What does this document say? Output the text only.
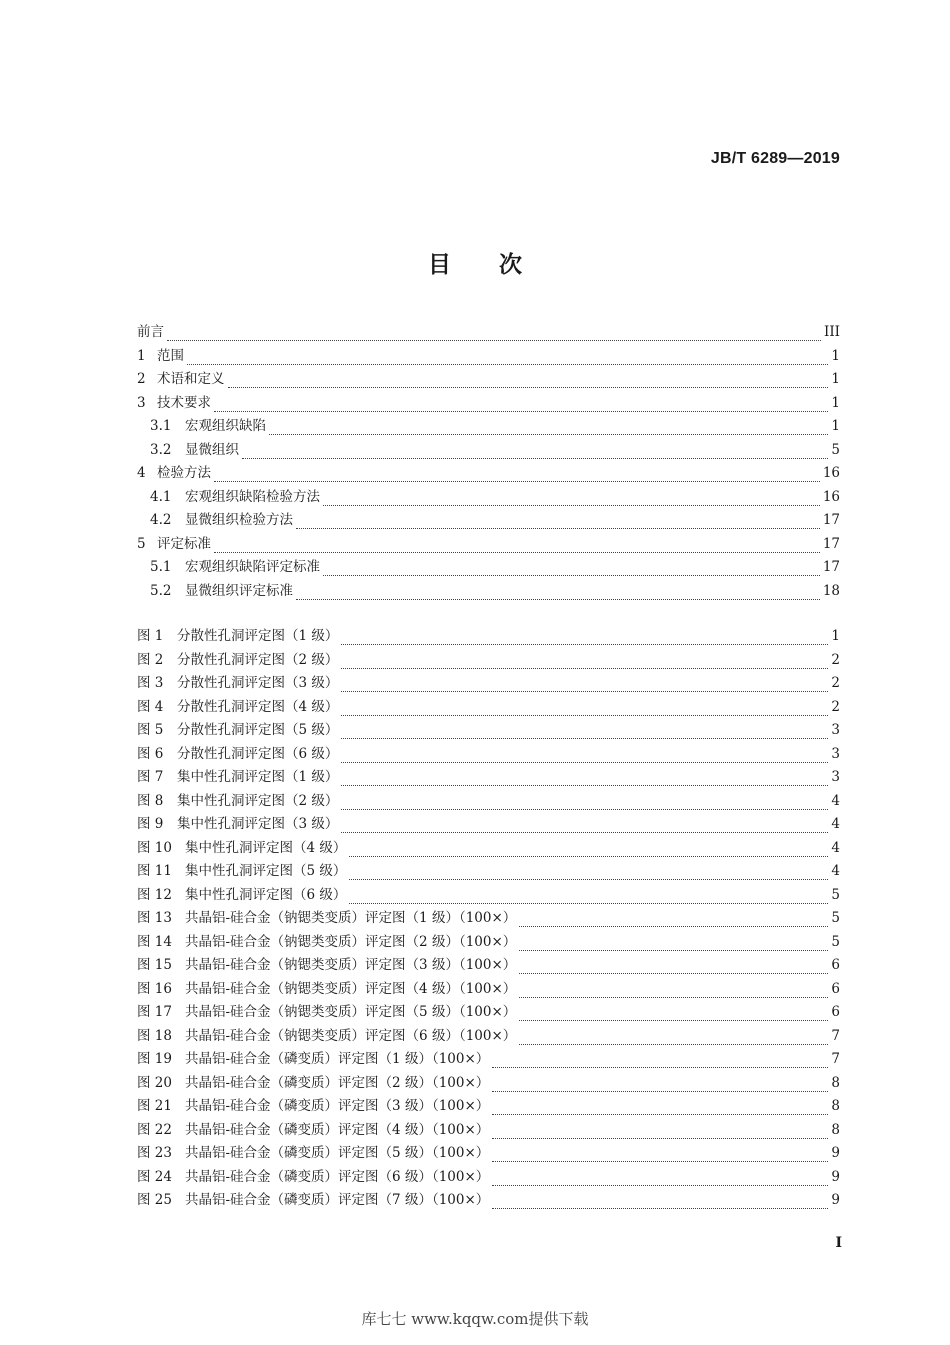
JB/T 6289—2019
目 次
前言	III
1 范围	1
2 术语和定义	1
3 技术要求	1
3.1	宏观组织缺陷	1
3.2	显微组织	5
4 检验方法	16
4.1	宏观组织缺陷检验方法	16
4.2	显微组织检验方法	17
5 评定标准	17
5.1	宏观组织缺陷评定标准	17
5.2	显微组织评定标准	18
图 1	分散性孔洞评定图（1 级）	1
图 2	分散性孔洞评定图（2 级）	2
图 3	分散性孔洞评定图（3 级）	2
图 4	分散性孔洞评定图（4 级）	2
图 5	分散性孔洞评定图（5 级）	3
图 6	分散性孔洞评定图（6 级）	3
图 7	集中性孔洞评定图（1 级）	3
图 8	集中性孔洞评定图（2 级）	4
图 9	集中性孔洞评定图（3 级）	4
图 10 集中性孔洞评定图（4 级）	4
图 11 集中性孔洞评定图（5 级）	4
图 12 集中性孔洞评定图（6 级）	5
图 13 共晶铝-硅合金（钠锶类变质）评定图（1 级）（100×）	5
图 14 共晶铝-硅合金（钠锶类变质）评定图（2 级）（100×）	5
图 15 共晶铝-硅合金（钠锶类变质）评定图（3 级）（100×）	6
图 16 共晶铝-硅合金（钠锶类变质）评定图（4 级）（100×）	6
图 17 共晶铝-硅合金（钠锶类变质）评定图（5 级）（100×）	6
图 18 共晶铝-硅合金（钠锶类变质）评定图（6 级）（100×）	7
图 19 共晶铝-硅合金（磷变质）评定图（1 级）（100×）	7
图 20 共晶铝-硅合金（磷变质）评定图（2 级）（100×）	8
图 21 共晶铝-硅合金（磷变质）评定图（3 级）（100×）	8
图 22 共晶铝-硅合金（磷变质）评定图（4 级）（100×）	8
图 23 共晶铝-硅合金（磷变质）评定图（5 级）（100×）	9
图 24 共晶铝-硅合金（磷变质）评定图（6 级）（100×）	9
图 25 共晶铝-硅合金（磷变质）评定图（7 级）（100×）	9
I
库七七 www.kqqw.com提供下载
